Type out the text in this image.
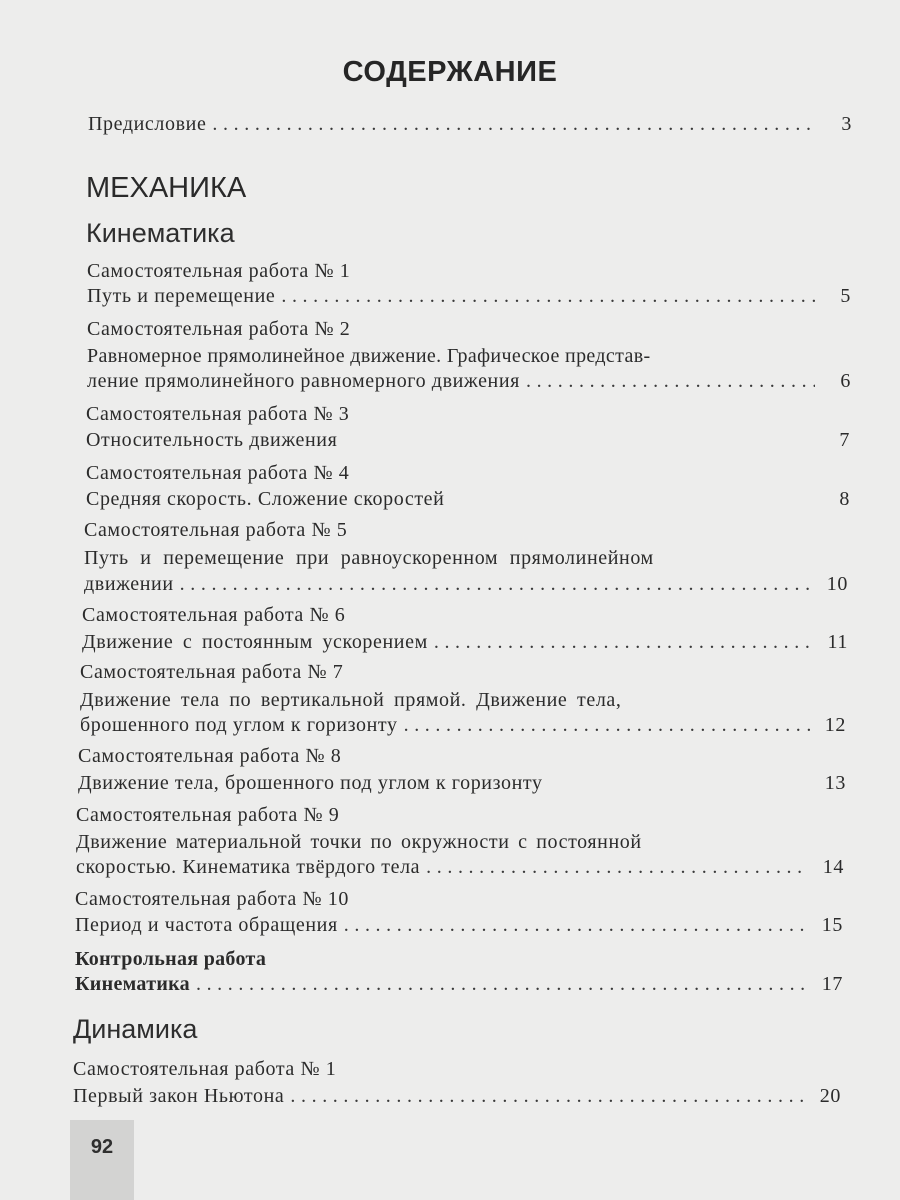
СОДЕРЖАНИЕ
Предисловие . . .	3
МЕХАНИКА
Кинематика
Самостоятельная работа № 1
Путь и перемещение . . .	5
Самостоятельная работа № 2
Равномерное прямолинейное движение. Графическое представ-
ление прямолинейного равномерного движения . . .	6
Самостоятельная работа № 3
Относительность движения	7
Самостоятельная работа № 4
Средняя скорость. Сложение скоростей	8
Самостоятельная работа № 5
Путь и перемещение при равноускоренном прямолинейном
движении . . .	10
Самостоятельная работа № 6
Движение с постоянным ускорением . . .	11
Самостоятельная работа № 7
Движение тела по вертикальной прямой. Движение тела,
брошенного под углом к горизонту . . .	12
Самостоятельная работа № 8
Движение тела, брошенного под углом к горизонту	13
Самостоятельная работа № 9
Движение материальной точки по окружности с постоянной
скоростью. Кинематика твёрдого тела . . .	14
Самостоятельная работа № 10
Период и частота обращения . . .	15
Контрольная работа
Кинематика . . .	17
Динамика
Самостоятельная работа № 1
Первый закон Ньютона . . .	20
92
